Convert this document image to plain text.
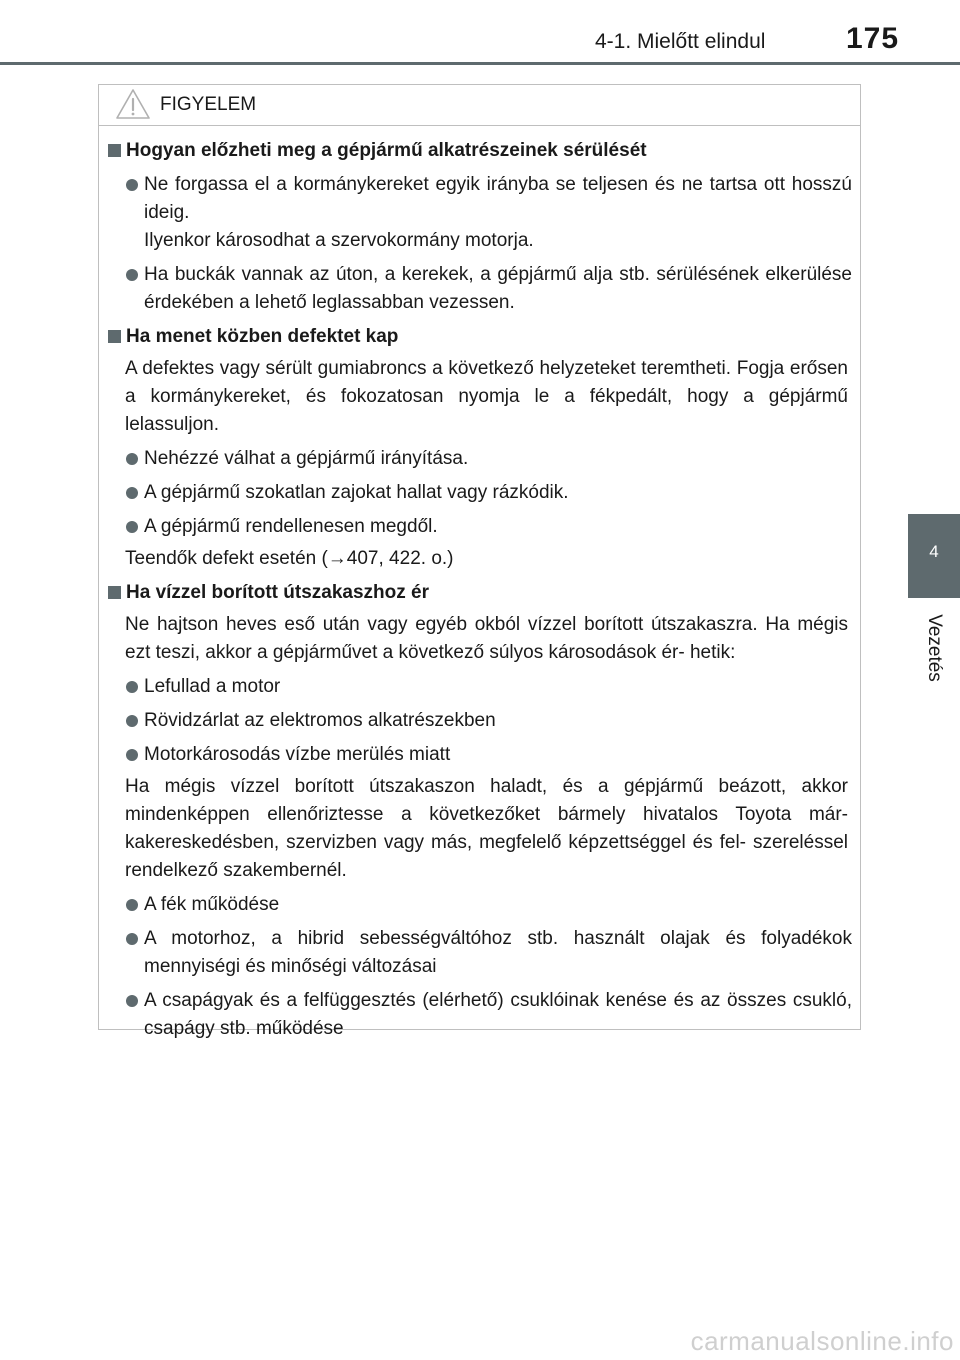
4-1. Mielőtt elindul	175
4
Vezetés
FIGYELEM
Hogyan előzheti meg a gépjármű alkatrészeinek sérülését
Ne forgassa el a kormánykereket egyik irányba se teljesen és ne tartsa ott hosszú ideig.
Ilyenkor károsodhat a szervokormány motorja.
Ha buckák vannak az úton, a kerekek, a gépjármű alja stb. sérülésének elkerülése érdekében a lehető leglassabban vezessen.
Ha menet közben defektet kap
A defektes vagy sérült gumiabroncs a következő helyzeteket teremtheti. Fogja erősen a kormánykereket, és fokozatosan nyomja le a fékpedált, hogy a gépjármű lelassuljon.
Nehézzé válhat a gépjármű irányítása.
A gépjármű szokatlan zajokat hallat vagy rázkódik.
A gépjármű rendellenesen megdől.
Teendők defekt esetén (→407, 422. o.)
Ha vízzel borított útszakaszhoz ér
Ne hajtson heves eső után vagy egyéb okból vízzel borított útszakaszra. Ha mégis ezt teszi, akkor a gépjárművet a következő súlyos károsodások ér- hetik:
Lefullad a motor
Rövidzárlat az elektromos alkatrészekben
Motorkárosodás vízbe merülés miatt
Ha mégis vízzel borított útszakaszon haladt, és a gépjármű beázott, akkor mindenképpen ellenőriztesse a következőket bármely hivatalos Toyota már- kakereskedésben, szervizben vagy más, megfelelő képzettséggel és fel- szereléssel rendelkező szakembernél.
A fék működése
A motorhoz, a hibrid sebességváltóhoz stb. használt olajak és folyadékok mennyiségi és minőségi változásai
A csapágyak és a felfüggesztés (elérhető) csuklóinak kenése és az összes csukló, csapágy stb. működése
carmanualsonline.info
